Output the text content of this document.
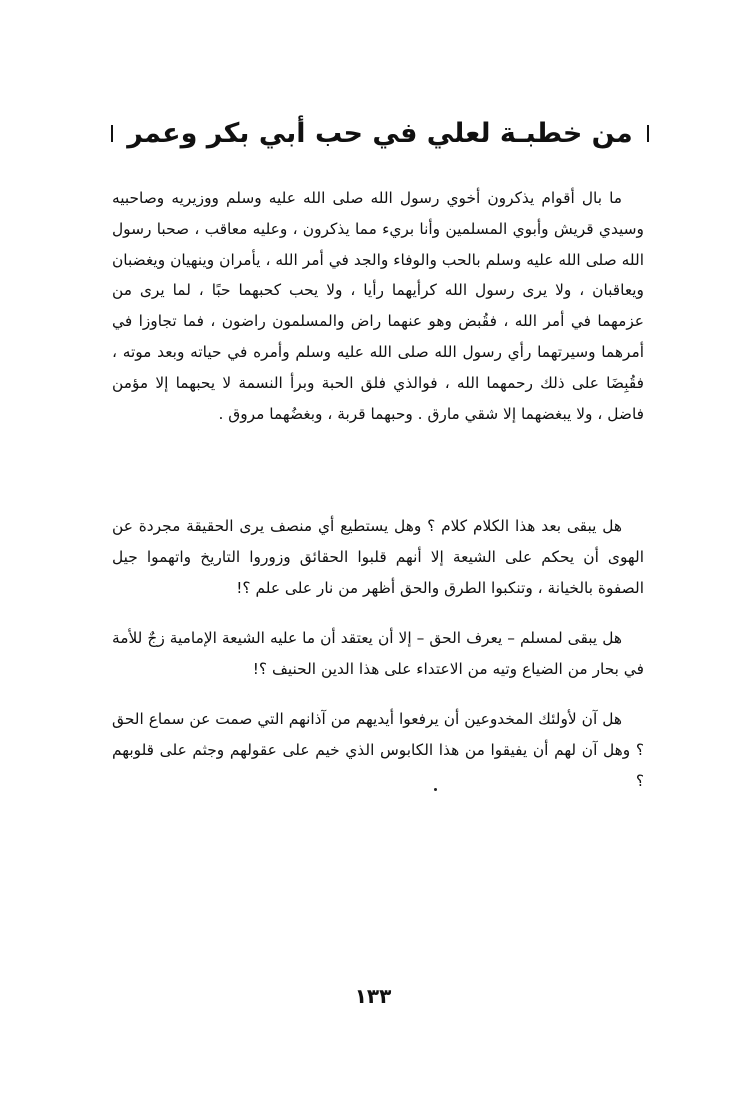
من خطبـة لعلي في حب أبي بكر وعمر

ما بال أقوام يذكرون أخوي رسول الله صلى الله عليه وسلم ووزيريه وصاحبيه وسيدي قريش وأبوي المسلمين وأنا بريء مما يذكرون ، وعليه معاقب ، صحبا رسول الله صلى الله عليه وسلم بالحب والوفاء والجد في أمر الله ، يأمران وينهيان ويغضبان ويعاقبان ، ولا يرى رسول الله كرأيهما رأيا ، ولا يحب كحبهما حبًا ، لما يرى من عزمهما في أمر الله ، فقُبض وهو عنهما راض والمسلمون راضون ، فما تجاوزا في أمرهما وسيرتهما رأي رسول الله صلى الله عليه وسلم وأمره في حياته وبعد موته ، فقُبِضَا على ذلك رحمهما الله ، فوالذي فلق الحبة وبرأ النسمة لا يحبهما إلا مؤمن فاضل ، ولا يبغضهما إلا شقي مارق . وحبهما قربة ، وبغضُهما مروق .

هل يبقى بعد هذا الكلام كلام ؟ وهل يستطيع أي منصف يرى الحقيقة مجردة عن الهوى أن يحكم على الشيعة إلا أنهم قلبوا الحقائق وزوروا التاريخ واتهموا جيل الصفوة بالخيانة ، وتنكبوا الطرق والحق أظهر من نار على علم ؟!

هل يبقى لمسلم – يعرف الحق – إلا أن يعتقد أن ما عليه الشيعة الإمامية زجٌ للأمة في بحار من الضياع وتيه من الاعتداء على هذا الدين الحنيف ؟!

هل آن لأولئك المخدوعين أن يرفعوا أيديهم من آذانهم التي صمت عن سماع الحق ؟ وهل آن لهم أن يفيقوا من هذا الكابوس الذي خيم على عقولهم وجثم على قلوبهم ؟

١٣٣
